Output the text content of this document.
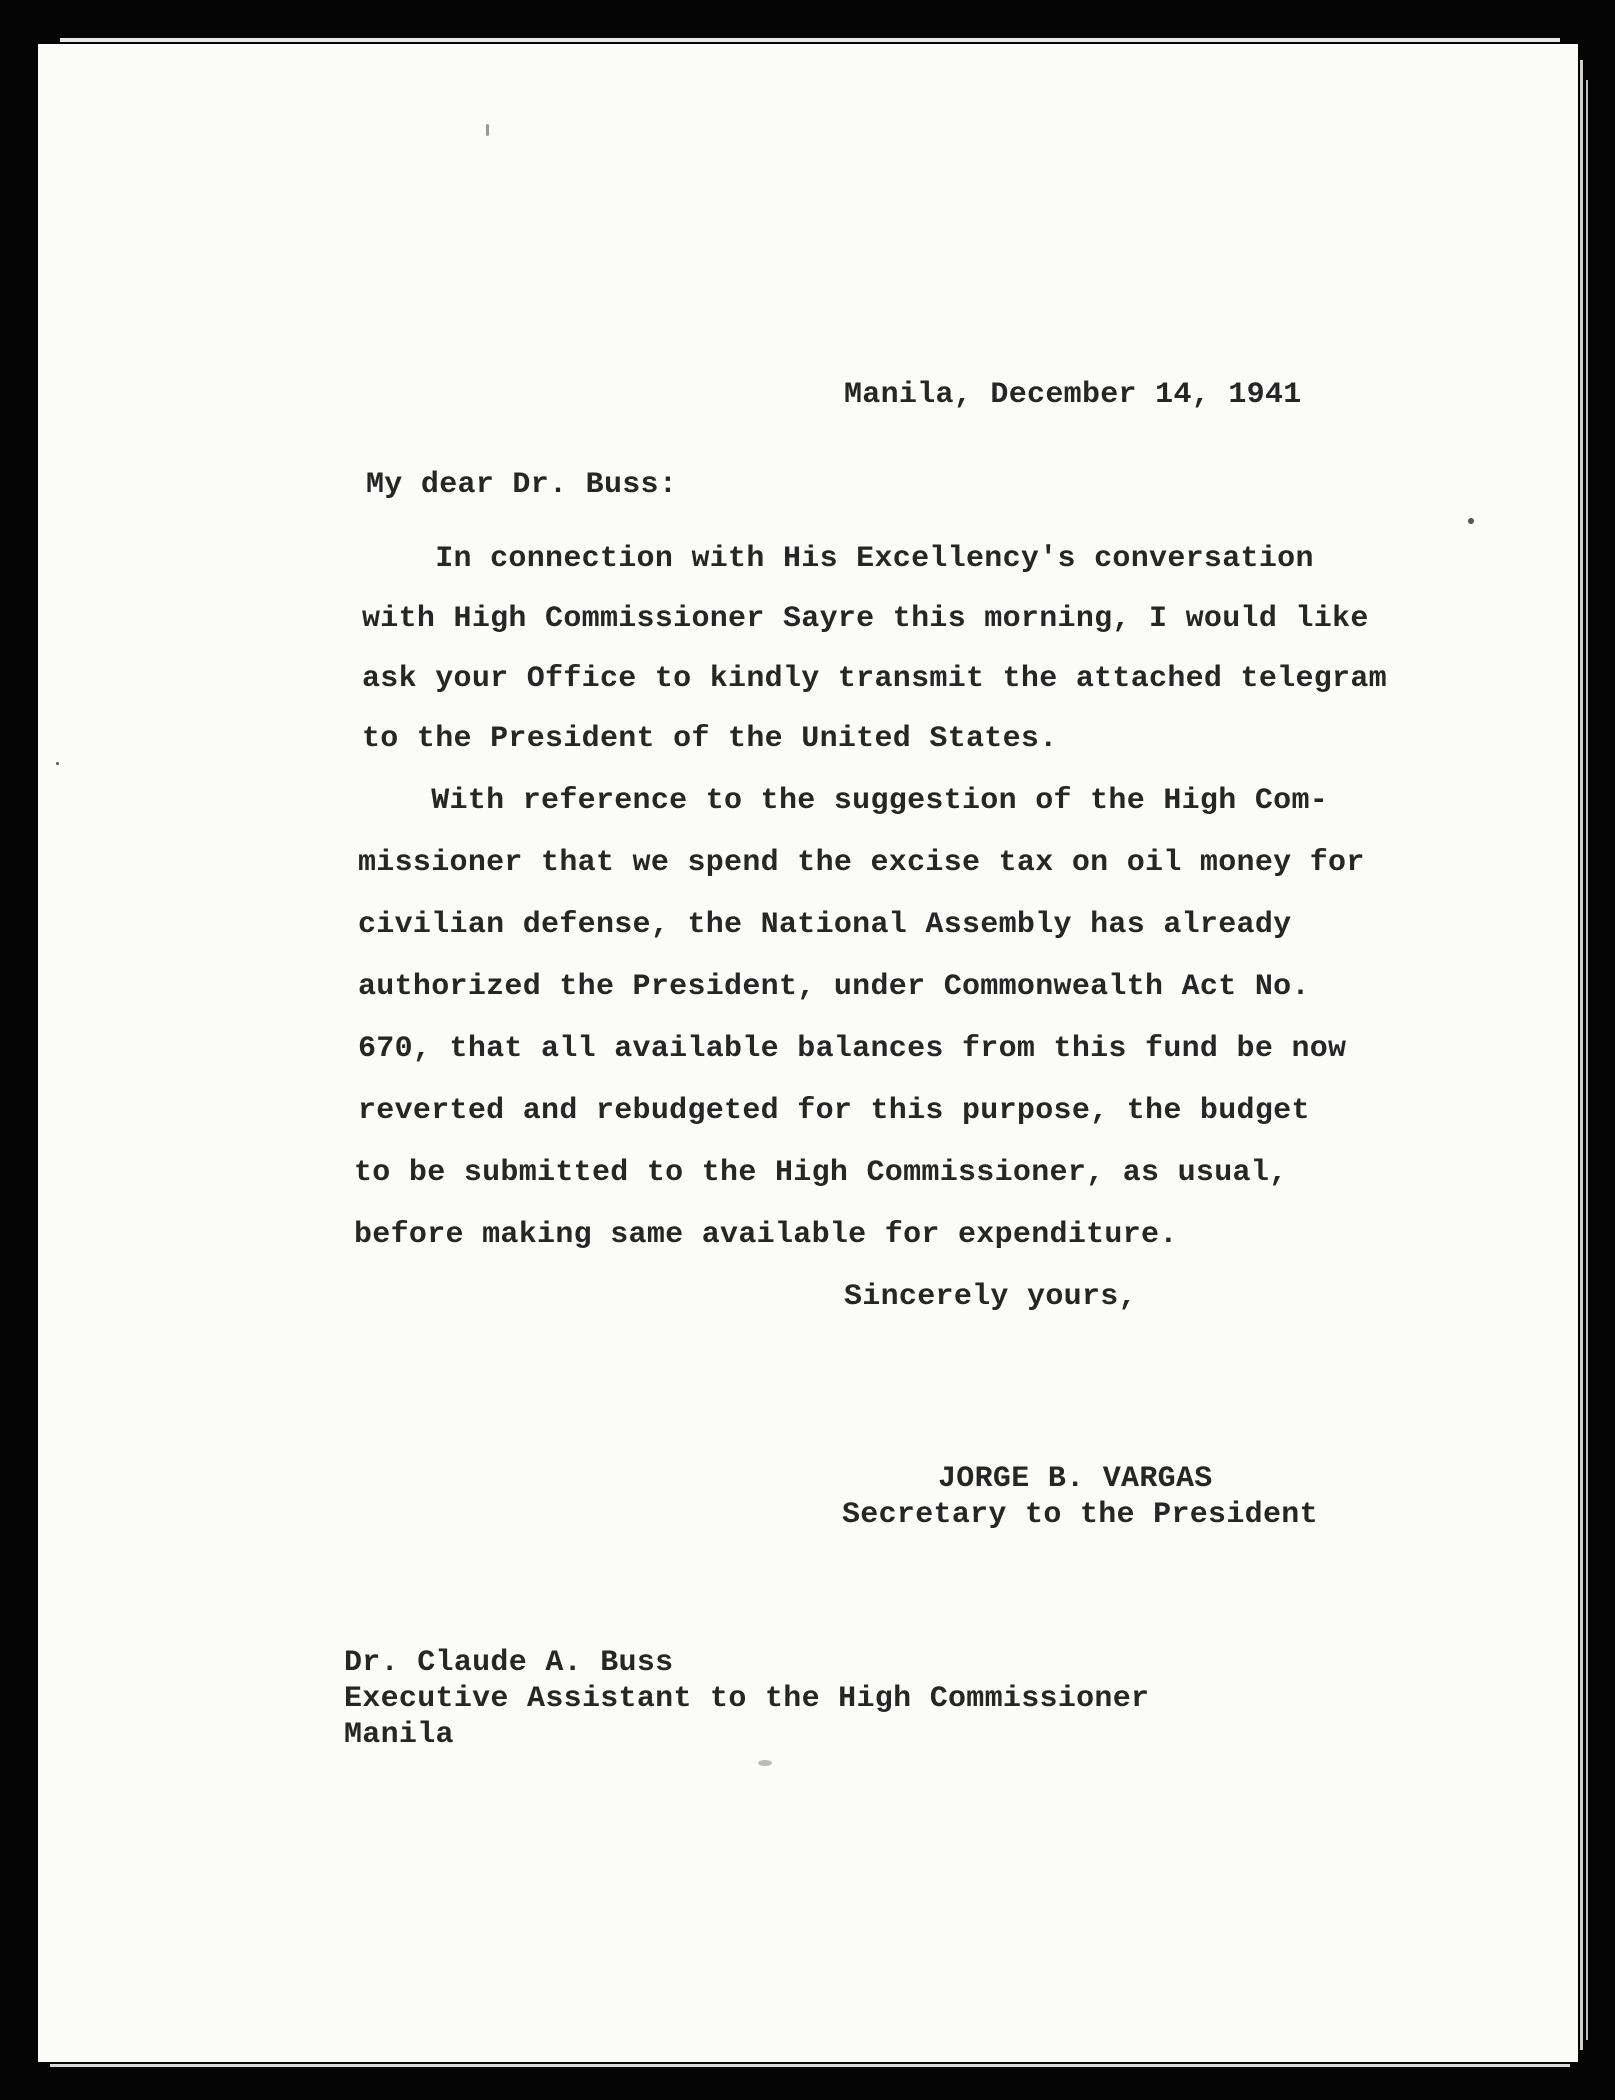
Manila, December 14, 1941
My dear Dr. Buss:
In connection with His Excellency's conversation
with High Commissioner Sayre this morning, I would like
ask your Office to kindly transmit the attached telegram
to the President of the United States.
With reference to the suggestion of the High Com-
missioner that we spend the excise tax on oil money for
civilian defense, the National Assembly has already
authorized the President, under Commonwealth Act No.
670, that all available balances from this fund be now
reverted and rebudgeted for this purpose, the budget
to be submitted to the High Commissioner, as usual,
before making same available for expenditure.
Sincerely yours,
JORGE B. VARGAS
Secretary to the President
Dr. Claude A. Buss
Executive Assistant to the High Commissioner
Manila
